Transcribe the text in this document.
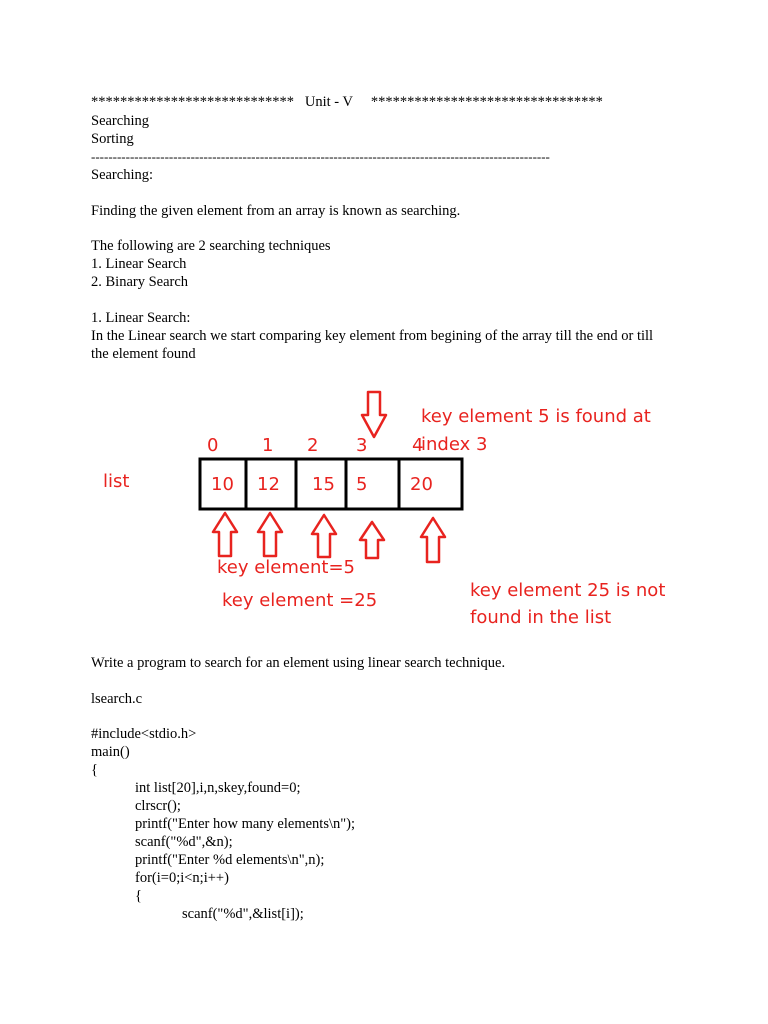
**************************** Unit - V ********************************
Searching
Sorting
----------------------------------------------------------------------------------------------------------
Searching:
Finding the given element from an array is known as searching.
The following are 2 searching techniques
1. Linear Search
2. Binary Search
1. Linear Search:
In the Linear search we start comparing key element from begining of the array till the end or till
the element found
list
0 1 2 3 4
10 12 15 5 20
key element 5 is found at
index 3
key element=5
key element =25	key element 25 is not
found in the list
Write a program to search for an element using linear search technique.
lsearch.c
#include<stdio.h>
main()
{
int list[20],i,n,skey,found=0;
clrscr();
printf("Enter how many elements\n");
scanf("%d",&n);
printf("Enter %d elements\n",n);
for(i=0;i<n;i++)
{
scanf("%d",&list[i]);
